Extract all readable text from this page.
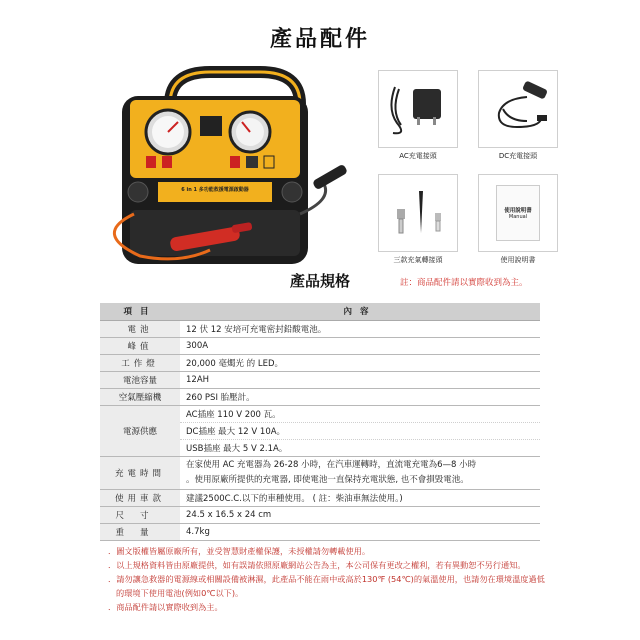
產品配件
6 in 1 多功能救援電源啟動器
AC充電接頭	DC充電接頭
三款充氣轉接頭
使用說明書
Manual
使用說明書
產品規格	註：商品配件請以實際收到為主。
項目	內容
電池	12 伏 12 安培可充電密封鉛酸電池。
峰值	300A
工作燈	20,000 毫燭光 的 LED。
電池容量	12AH
空氣壓縮機	260 PSI 胎壓計。
電源供應	AC插座 110 V 200 瓦。
	DC插座 最大 12 V 10A。
	USB插座 最大 5 V 2.1A。
充電時間	在家使用 AC 充電器為 26-28 小時，在汽車運轉時，直流電充電為6—8 小時
。使用原廠所提供的充電器, 即使電池一直保持充電狀態, 也不會損毀電池。

使用車款	建議2500C.C.以下的車種使用。 ( 註：柴油車無法使用。)
尺寸	24.5 x 16.5 x 24 cm
重量	4.7kg

．圖文版權皆屬原廠所有，並受智慧財產權保護，未授權請勿轉載使用。

．以上規格資料皆由原廠提供，如有誤請依照原廠網站公告為主，本公司保有更改之權利，若有異動恕不另行通知。

．請勿讓急救器的電源線或相關設備被淋濕，此產品不能在雨中或高於130℉ (54℃)的氣溫使用，也請勿在環境溫度過低的環境下使用電池(例如0℃以下)。

．商品配件請以實際收到為主。
